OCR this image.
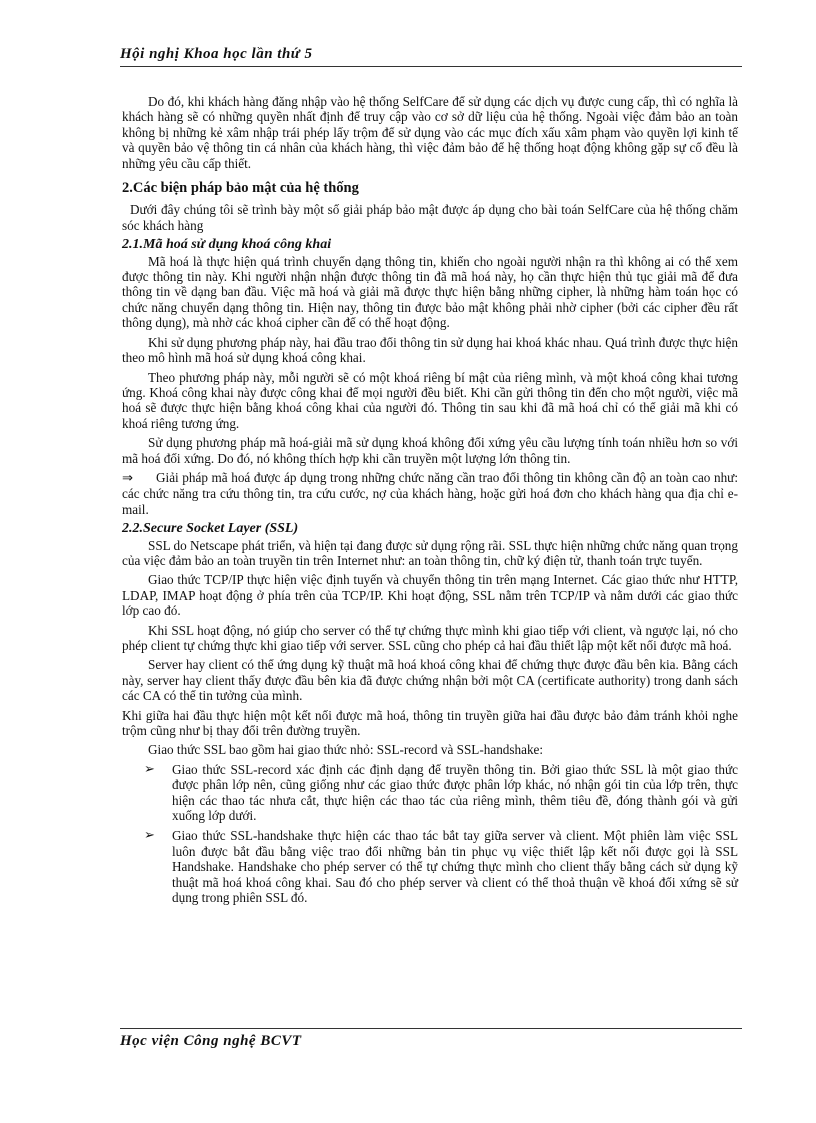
Hội nghị Khoa học lần thứ 5

Do đó, khi khách hàng đăng nhập vào hệ thống SelfCare để sử dụng các dịch vụ được cung cấp, thì có nghĩa là khách hàng sẽ có những quyền nhất định để truy cập vào cơ sở dữ liệu của hệ thống. Ngoài việc đảm bảo an toàn không bị những kẻ xâm nhập trái phép lấy trộm để sử dụng vào các mục đích xấu xâm phạm vào quyền lợi kinh tế và quyền bảo vệ thông tin cá nhân của khách hàng, thì việc đảm bảo để hệ thống hoạt động không gặp sự cố đều là những yêu cầu cấp thiết.

2.Các biện pháp bảo mật của hệ thống

Dưới đây chúng tôi sẽ trình bày một số giải pháp bảo mật được áp dụng cho bài toán SelfCare của hệ thống chăm sóc khách hàng

2.1.Mã hoá sử dụng khoá công khai

Mã hoá là thực hiện quá trình chuyển dạng thông tin, khiến cho ngoài người nhận ra thì không ai có thể xem được thông tin này. Khi người nhận nhận được thông tin đã mã hoá này, họ cần thực hiện thủ tục giải mã để đưa thông tin về dạng ban đầu. Việc mã hoá và giải mã được thực hiện bằng những cipher, là những hàm toán học có chức năng chuyển dạng thông tin. Hiện nay, thông tin được bảo mật không phải nhờ cipher (bởi các cipher đều rất thông dụng), mà nhờ các khoá cipher cần để có thể hoạt động.

Khi sử dụng phương pháp này, hai đầu trao đổi thông tin sử dụng hai khoá khác nhau. Quá trình được thực hiện theo mô hình mã hoá sử dụng khoá công khai.

Theo phương pháp này, mỗi người sẽ có một khoá riêng bí mật của riêng mình, và một khoá công khai tương ứng. Khoá công khai này được công khai để mọi người đều biết. Khi cần gửi thông tin đến cho một người, việc mã hoá sẽ được thực hiện bằng khoá công khai của người đó. Thông tin sau khi đã mã hoá chỉ có thể giải mã khi có khoá riêng tương ứng.

Sử dụng phương pháp mã hoá-giải mã sử dụng khoá không đối xứng yêu cầu lượng tính toán nhiều hơn so với mã hoá đối xứng. Do đó, nó không thích hợp khi cần truyền một lượng lớn thông tin.

⇒ Giải pháp mã hoá được áp dụng trong những chức năng cần trao đổi thông tin không cần độ an toàn cao như: các chức năng tra cứu thông tin, tra cứu cước, nợ của khách hàng, hoặc gửi hoá đơn cho khách hàng qua địa chỉ e-mail.

2.2.Secure Socket Layer (SSL)

SSL do Netscape phát triển, và hiện tại đang được sử dụng rộng rãi. SSL thực hiện những chức năng quan trọng của việc đảm bảo an toàn truyền tin trên Internet như: an toàn thông tin, chữ ký điện tử, thanh toán trực tuyến.

Giao thức TCP/IP thực hiện việc định tuyến và chuyển thông tin trên mạng Internet. Các giao thức như HTTP, LDAP, IMAP hoạt động ở phía trên của TCP/IP. Khi hoạt động, SSL nằm trên TCP/IP và nằm dưới các giao thức lớp cao đó.

Khi SSL hoạt động, nó giúp cho server có thể tự chứng thực mình khi giao tiếp với client, và ngược lại, nó cho phép client tự chứng thực khi giao tiếp với server. SSL cũng cho phép cả hai đầu thiết lập một kết nối được mã hoá.

Server hay client có thể ứng dụng kỹ thuật mã hoá khoá công khai để chứng thực được đầu bên kia. Bằng cách này, server hay client thấy được đầu bên kia đã được chứng nhận bởi một CA (certificate authority) trong danh sách các CA có thể tin tưởng của mình.

Khi giữa hai đầu thực hiện một kết nối được mã hoá, thông tin truyền giữa hai đầu được bảo đảm tránh khỏi nghe trộm cũng như bị thay đổi trên đường truyền.

Giao thức SSL bao gồm hai giao thức nhỏ: SSL-record và SSL-handshake:

➢	Giao thức SSL-record xác định các định dạng để truyền thông tin. Bởi giao thức SSL là một giao thức được phân lớp nên, cũng giống như các giao thức được phân lớp khác, nó nhận gói tin của lớp trên, thực hiện các thao tác nhưa cắt, thực hiện các thao tác của riêng mình, thêm tiêu đề, đóng thành gói và gửi xuống lớp dưới.
➢	Giao thức SSL-handshake thực hiện các thao tác bắt tay giữa server và client. Một phiên làm việc SSL luôn được bắt đầu bằng việc trao đổi những bản tin phục vụ việc thiết lập kết nối được gọi là SSL Handshake. Handshake cho phép server có thể tự chứng thực mình cho client thấy bằng cách sử dụng kỹ thuật mã hoá khoá công khai. Sau đó cho phép server và client có thể thoả thuận về khoá đối xứng sẽ sử dụng trong phiên SSL đó.
Học viện Công nghệ BCVT
